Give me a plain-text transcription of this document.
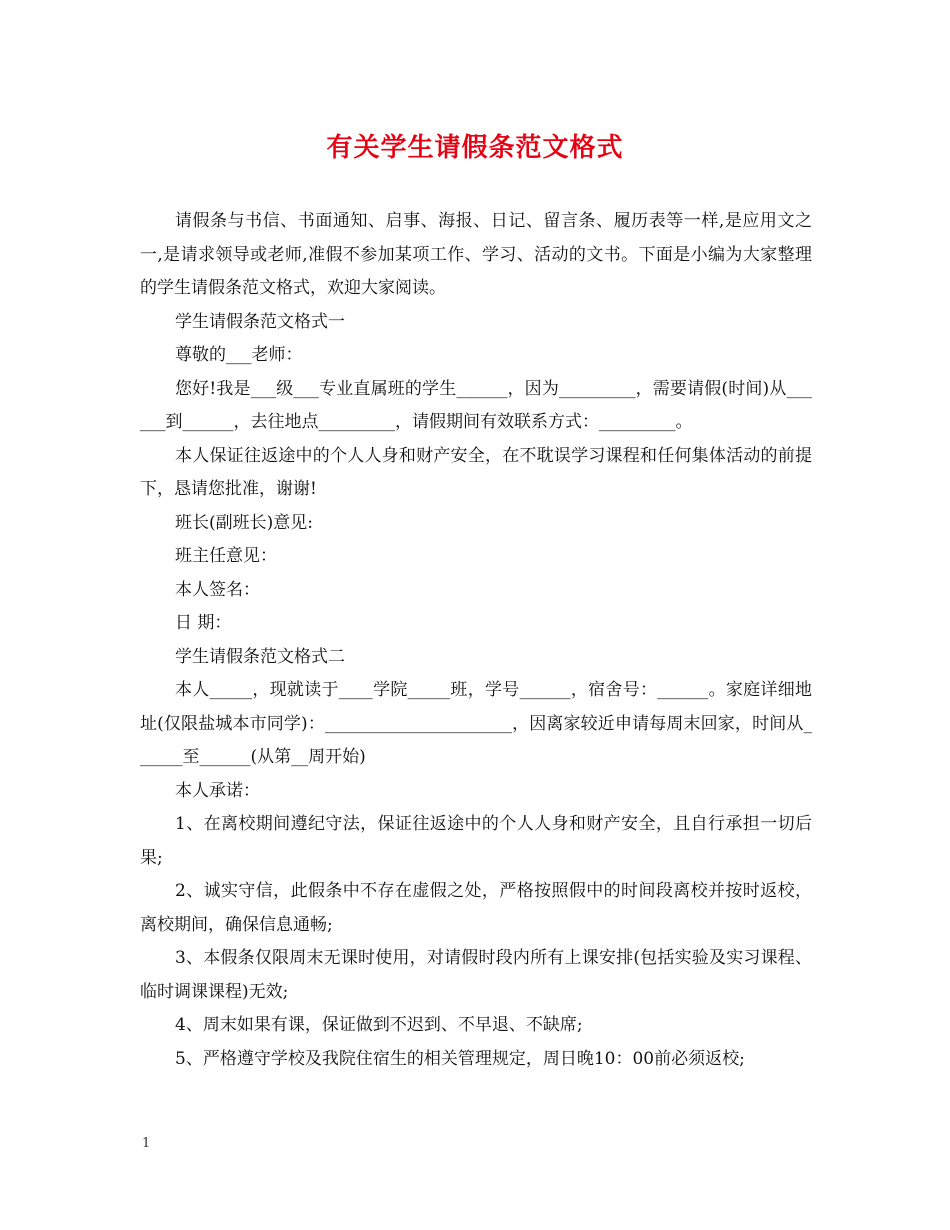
有关学生请假条范文格式

请假条与书信、书面通知、启事、海报、日记、留言条、履历表等一样,是应用文之一,是请求领导或老师,准假不参加某项工作、学习、活动的文书。下面是小编为大家整理的学生请假条范文格式，欢迎大家阅读。

学生请假条范文格式一

尊敬的___老师：

您好!我是___级___专业直属班的学生______，因为_________，需要请假(时间)从______到______，去往地点_________，请假期间有效联系方式：_________。

本人保证往返途中的个人人身和财产安全，在不耽误学习课程和任何集体活动的前提下，恳请您批准，谢谢!

班长(副班长)意见:

班主任意见：

本人签名：

日 期：

学生请假条范文格式二

本人_____，现就读于____学院_____班，学号______，宿舍号：______。家庭详细地址(仅限盐城本市同学)：______________________，因离家较近申请每周末回家，时间从______至______(从第__周开始)

本人承诺：

1、在离校期间遵纪守法，保证往返途中的个人人身和财产安全，且自行承担一切后果;

2、诚实守信，此假条中不存在虚假之处，严格按照假中的时间段离校并按时返校，离校期间，确保信息通畅;

3、本假条仅限周末无课时使用，对请假时段内所有上课安排(包括实验及实习课程、临时调课课程)无效;

4、周末如果有课，保证做到不迟到、不早退、不缺席;

5、严格遵守学校及我院住宿生的相关管理规定，周日晚10：00前必须返校;

1
